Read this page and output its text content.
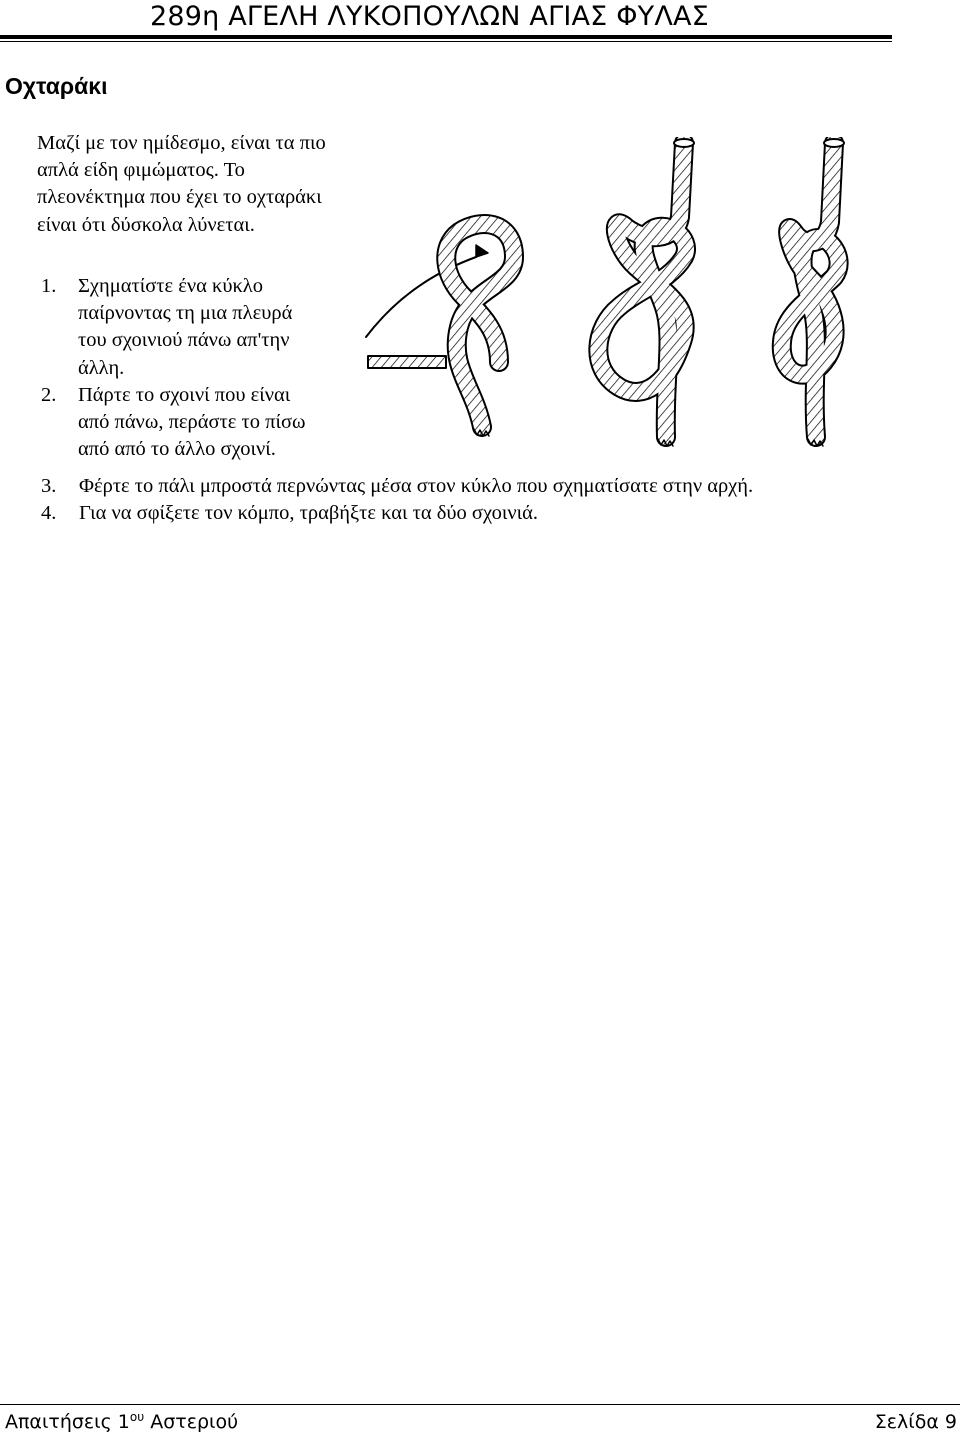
289η ΑΓΕΛΗ ΛΥΚΟΠΟΥΛΩΝ ΑΓΙΑΣ ΦΥΛΑΣ
Οχταράκι
Μαζί με τον ημίδεσμο, είναι τα πιο
απλά είδη φιμώματος. Το
πλεονέκτημα που έχει το οχταράκι
είναι ότι δύσκολα λύνεται.
1. Σχηματίστε ένα κύκλο
παίρνοντας τη μια πλευρά
του σχοινιού πάνω απ'την
άλλη.
2. Πάρτε το σχοινί που είναι
από πάνω, περάστε το πίσω
από από το άλλο σχοινί.
3. Φέρτε το πάλι μπροστά περνώντας μέσα στον κύκλο που σχηματίσατε στην αρχή.
4. Για να σφίξετε τον κόμπο, τραβήξτε και τα δύο σχοινιά.
Απαιτήσεις $1^{o\upsilon}$ Αστεριού	Σελίδα 9
